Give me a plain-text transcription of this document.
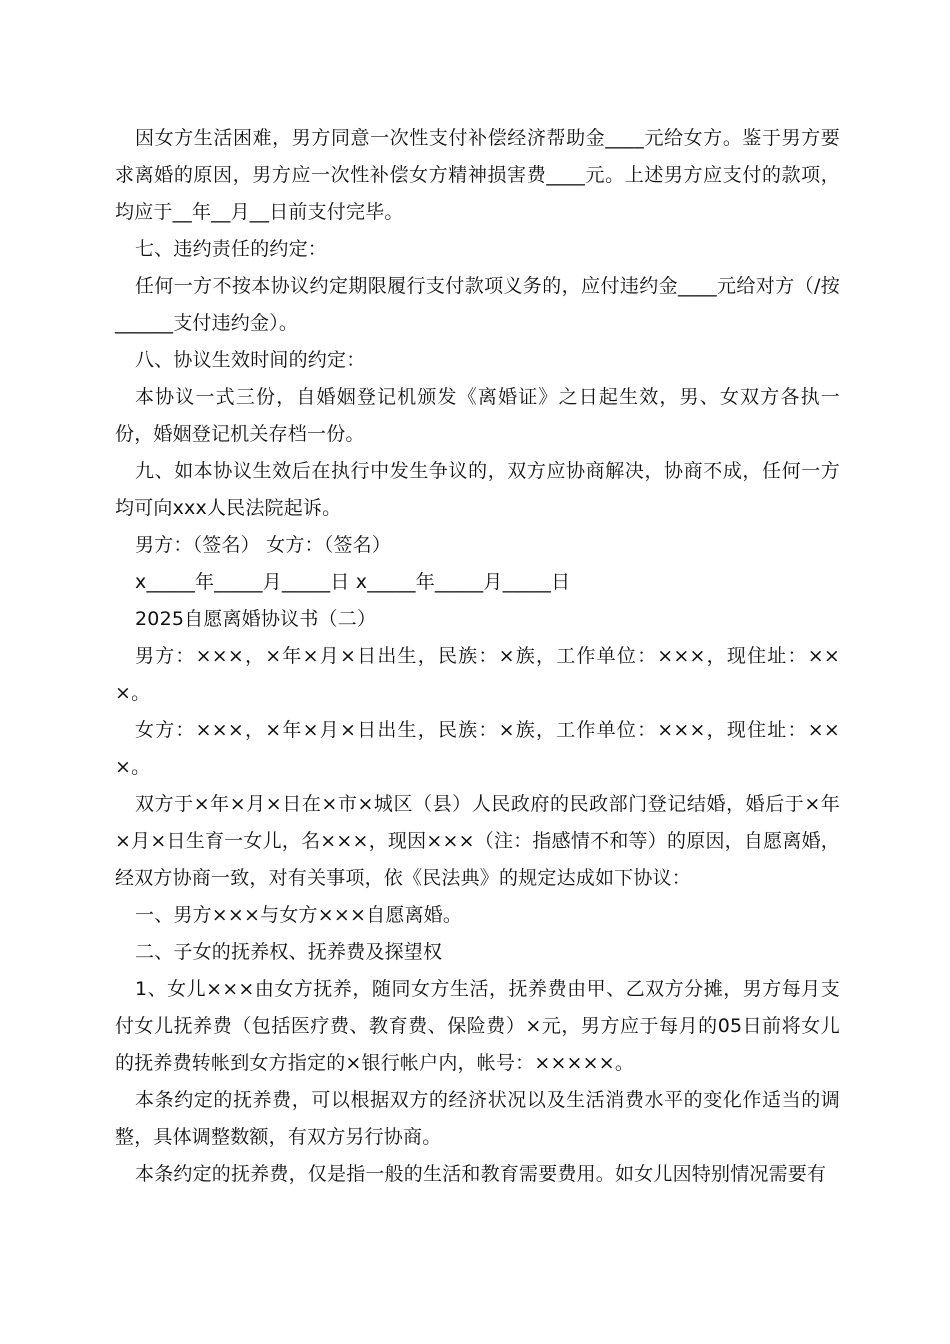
因女方生活困难，男方同意一次性支付补偿经济帮助金____元给女方。鉴于男方要求离婚的原因，男方应一次性补偿女方精神损害费____元。上述男方应支付的款项，均应于__年__月__日前支付完毕。

七、违约责任的约定：

任何一方不按本协议约定期限履行支付款项义务的，应付违约金____元给对方（/按______支付违约金）。

八、协议生效时间的约定：

本协议一式三份，自婚姻登记机颁发《离婚证》之日起生效，男、女双方各执一份，婚姻登记机关存档一份。

九、如本协议生效后在执行中发生争议的，双方应协商解决，协商不成，任何一方均可向xxx人民法院起诉。

男方：（签名） 女方：（签名）

x_____年_____月_____日 x_____年_____月_____日

2025自愿离婚协议书（二）

男方：×××，×年×月×日出生，民族：×族，工作单位：×××，现住址：×××。

女方：×××，×年×月×日出生，民族：×族，工作单位：×××，现住址：×××。

双方于×年×月×日在×市×城区（县）人民政府的民政部门登记结婚，婚后于×年×月×日生育一女儿，名×××，现因×××（注：指感情不和等）的原因，自愿离婚，经双方协商一致，对有关事项，依《民法典》的规定达成如下协议：

一、男方×××与女方×××自愿离婚。

二、子女的抚养权、抚养费及探望权

1、女儿×××由女方抚养，随同女方生活，抚养费由甲、乙双方分摊，男方每月支付女儿抚养费（包括医疗费、教育费、保险费）×元，男方应于每月的05日前将女儿的抚养费转帐到女方指定的×银行帐户内，帐号：×××××。

本条约定的抚养费，可以根据双方的经济状况以及生活消费水平的变化作适当的调整，具体调整数额，有双方另行协商。

本条约定的抚养费，仅是指一般的生活和教育需要费用。如女儿因特别情况需要有
